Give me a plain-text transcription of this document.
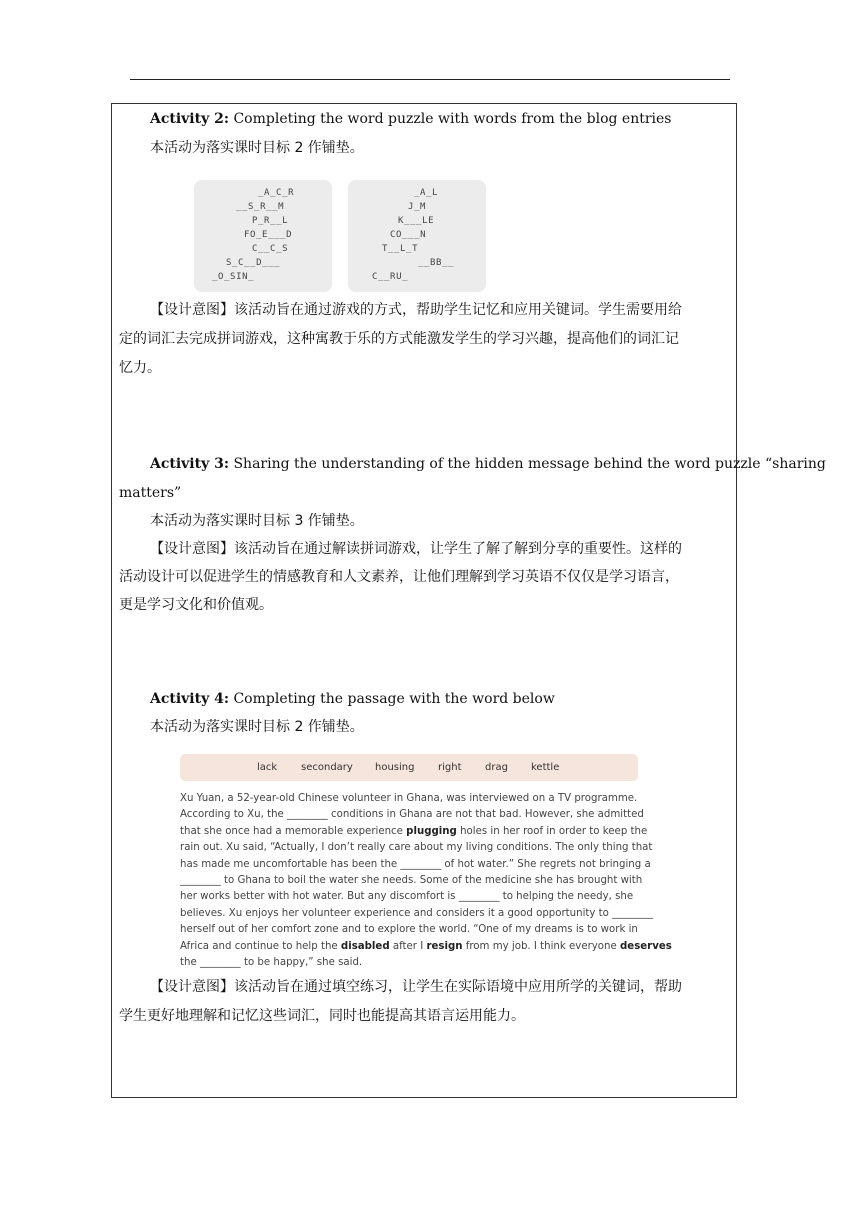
Activity 2: Completing the word puzzle with words from the blog entries
本活动为落实课时目标 2 作铺垫。
_A_C_R
__S_R__M
P_R__L
FO_E___D
C__C_S
S_C__D___
_O_SIN_
_A_L
J_M
K___LE
CO___N
T__L_T
__BB__
C__RU_
【设计意图】该活动旨在通过游戏的方式，帮助学生记忆和应用关键词。学生需要用给
定的词汇去完成拼词游戏，这种寓教于乐的方式能激发学生的学习兴趣，提高他们的词汇记
忆力。
Activity 3: Sharing the understanding of the hidden message behind the word puzzle “sharing
matters”
本活动为落实课时目标 3 作铺垫。
【设计意图】该活动旨在通过解读拼词游戏，让学生了解了解到分享的重要性。这样的
活动设计可以促进学生的情感教育和人文素养，让他们理解到学习英语不仅仅是学习语言，
更是学习文化和价值观。
Activity 4: Completing the passage with the word below
本活动为落实课时目标 2 作铺垫。
lack secondary housing right drag kettle
Xu Yuan, a 52-year-old Chinese volunteer in Ghana, was interviewed on a TV programme.
According to Xu, the ________ conditions in Ghana are not that bad. However, she admitted
that she once had a memorable experience plugging holes in her roof in order to keep the
rain out. Xu said, “Actually, I don’t really care about my living conditions. The only thing that
has made me uncomfortable has been the ________ of hot water.” She regrets not bringing a
________ to Ghana to boil the water she needs. Some of the medicine she has brought with
her works better with hot water. But any discomfort is ________ to helping the needy, she
believes. Xu enjoys her volunteer experience and considers it a good opportunity to ________
herself out of her comfort zone and to explore the world. “One of my dreams is to work in
Africa and continue to help the disabled after I resign from my job. I think everyone deserves
the ________ to be happy,” she said.
【设计意图】该活动旨在通过填空练习，让学生在实际语境中应用所学的关键词，帮助
学生更好地理解和记忆这些词汇，同时也能提高其语言运用能力。
